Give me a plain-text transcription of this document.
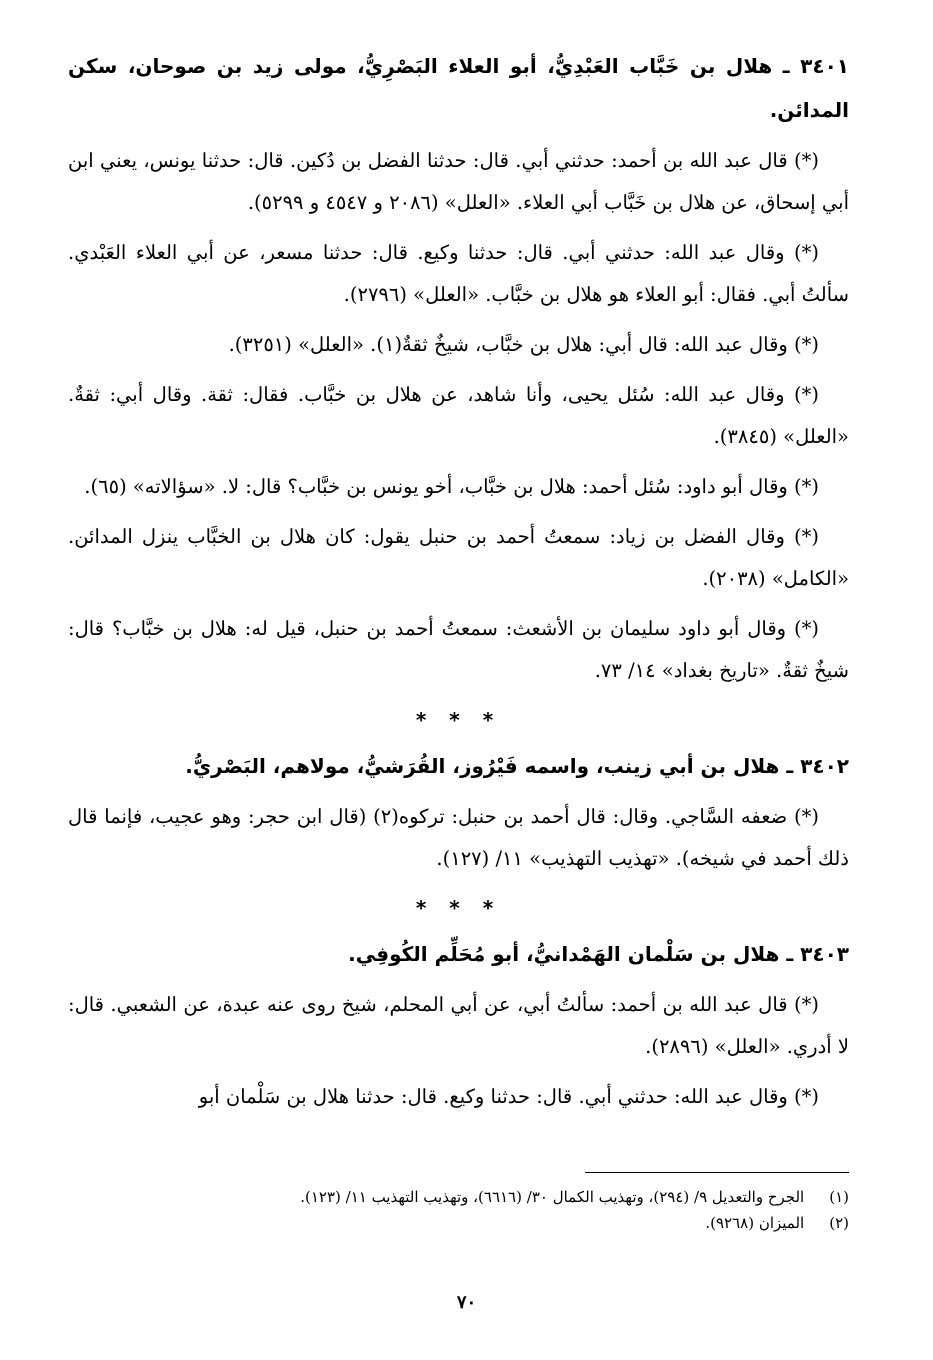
٣٤٠١ ـ هلال بن خَبَّاب العَبْدِيُّ، أبو العلاء البَصْرِيُّ، مولى زيد بن صوحان، سكن المدائن.

(*) قال عبد الله بن أحمد: حدثني أبي. قال: حدثنا الفضل بن دُكين. قال: حدثنا يونس، يعني ابن أبي إسحاق، عن هلال بن خَبَّاب أبي العلاء. «العلل» (٢٠٨٦ و ٤٥٤٧ و ٥٢٩٩).

(*) وقال عبد الله: حدثني أبي. قال: حدثنا وكيع. قال: حدثنا مسعر، عن أبي العلاء العَبْدي. سألتُ أبي. فقال: أبو العلاء هو هلال بن خبَّاب. «العلل» (٢٧٩٦).

(*) وقال عبد الله: قال أبي: هلال بن خبَّاب، شيخٌ ثقةٌ(١). «العلل» (٣٢٥١).

(*) وقال عبد الله: سُئل يحيى، وأنا شاهد، عن هلال بن خبَّاب. فقال: ثقة. وقال أبي: ثقةٌ. «العلل» (٣٨٤٥).

(*) وقال أبو داود: سُئل أحمد: هلال بن خبَّاب، أخو يونس بن خبَّاب؟ قال: لا. «سؤالاته» (٦٥).

(*) وقال الفضل بن زياد: سمعتُ أحمد بن حنبل يقول: كان هلال بن الخبَّاب ينزل المدائن. «الكامل» (٢٠٣٨).

(*) وقال أبو داود سليمان بن الأشعث: سمعتُ أحمد بن حنبل، قيل له: هلال بن خبَّاب؟ قال: شيخٌ ثقةٌ. «تاريخ بغداد» ١٤/ ٧٣.

* * *
٣٤٠٢ ـ هلال بن أبي زينب، واسمه فَيْرُوز، القُرَشيُّ، مولاهم، البَصْريُّ.

(*) ضعفه السَّاجي. وقال: قال أحمد بن حنبل: تركوه(٢) (قال ابن حجر: وهو عجيب، فإنما قال ذلك أحمد في شيخه). «تهذيب التهذيب» ١١/ (١٢٧).

* * *
٣٤٠٣ ـ هلال بن سَلْمان الهَمْدانيُّ، أبو مُحَلِّم الكُوفِي.

(*) قال عبد الله بن أحمد: سألتُ أبي، عن أبي المحلم، شيخ روى عنه عبدة، عن الشعبي. قال: لا أدري. «العلل» (٢٨٩٦).

(*) وقال عبد الله: حدثني أبي. قال: حدثنا وكيع. قال: حدثنا هلال بن سَلْمان أبو

(١) الجرح والتعديل ٩/ (٢٩٤)، وتهذيب الكمال ٣٠/ (٦٦١٦)، وتهذيب التهذيب ١١/ (١٢٣).
(٢) الميزان (٩٢٦٨).
٧٠
